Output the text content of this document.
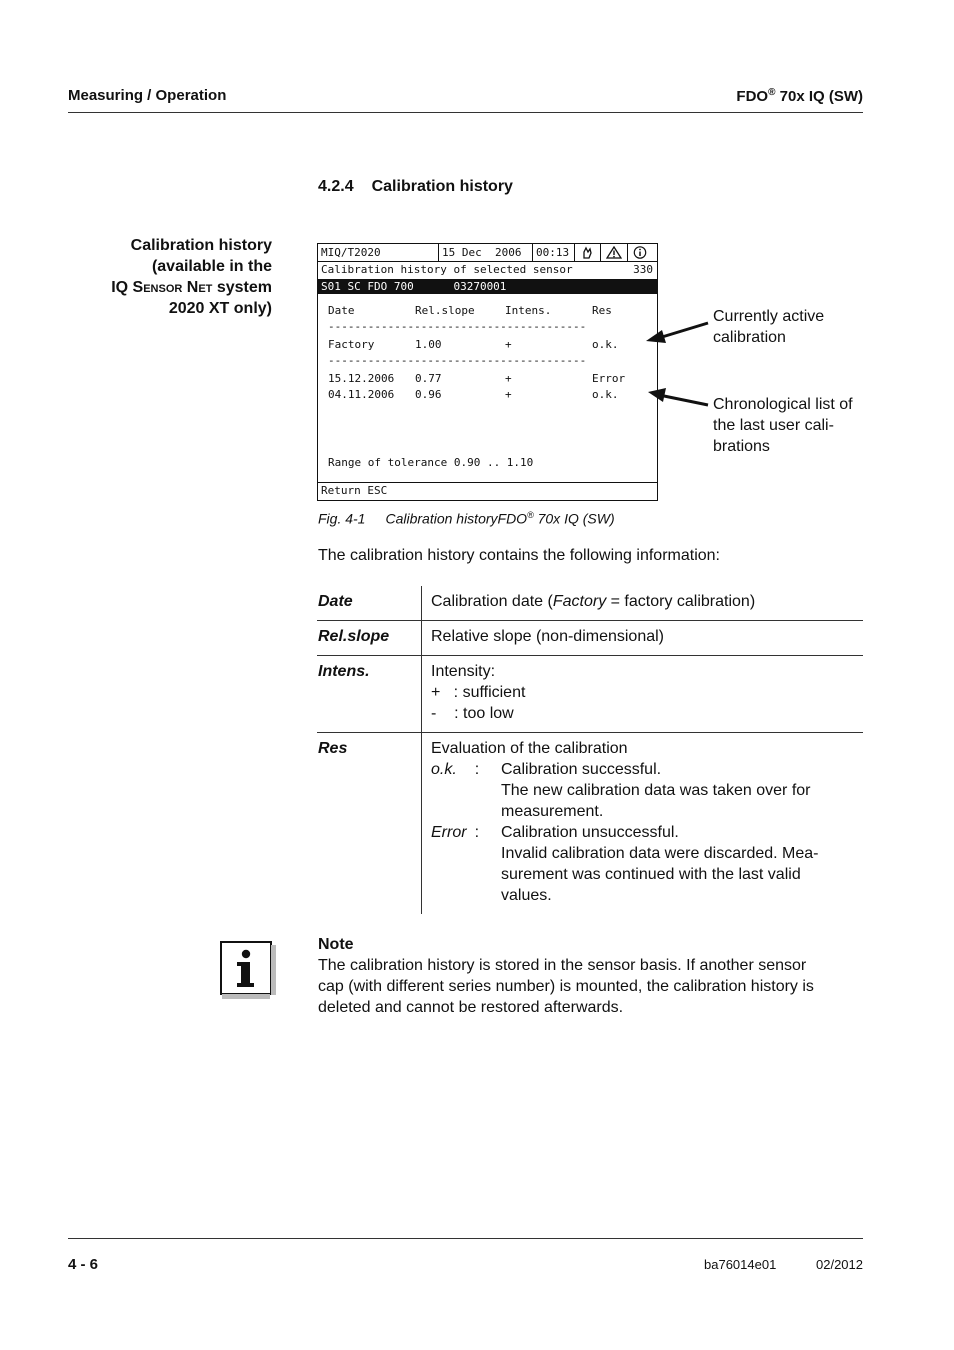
Measuring / Operation	FDO® 70x IQ (SW)
4.2.4 Calibration history
Calibration history
(available in the
IQ Sensor Net system
2020 XT only)
MIQ/T2020	15 Dec  2006 00:13
Calibration history of selected sensor	330
S01 SC FDO 700      03270001
Date	Rel.slope	Intens.	Res
---------------------------------------
Factory	1.00	+	o.k.
---------------------------------------
15.12.2006 0.77	+	Error
04.11.2006 0.96	+	o.k.
Range of tolerance 0.90 .. 1.10
Return ESC
Currently active
calibration
Chronological list of
the last user cali-
brations
Fig. 4-1 Calibration historyFDO® 70x IQ (SW)
The calibration history contains the following information:
Date	Calibration date (Factory = factory calibration)
Rel.slope	Relative slope (non-dimensional)
Intens.	Intensity:
+   : sufficient
-    : too low
Res	Evaluation of the calibration
o.k. :	Calibration successful.
The new calibration data was taken over for
measurement.
Error :	Calibration unsuccessful.
Invalid calibration data were discarded. Mea-
surement was continued with the last valid
values.
Note
The calibration history is stored in the sensor basis. If another sensor
cap (with different series number) is mounted, the calibration history is
deleted and cannot be restored afterwards.
4 - 6	ba76014e01	02/2012
